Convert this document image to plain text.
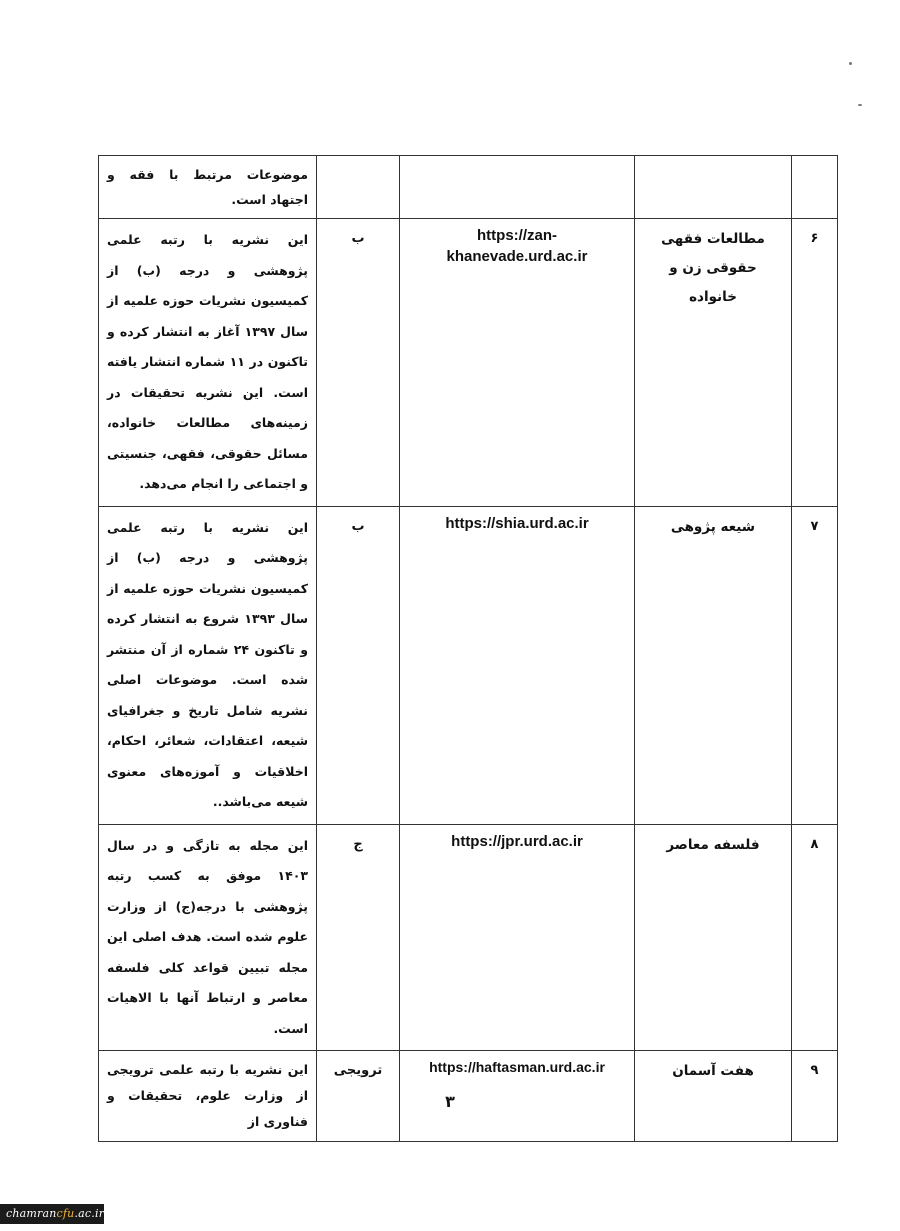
				موضوعات مرتبط با فقه و اجتهاد است.
۶	مطالعات فقهی حقوقی زن و خانواده	https://zan-khanevade.urd.ac.ir	ب	این نشریه با رتبه علمی پژوهشی و درجه (ب) از کمیسیون نشریات حوزه علمیه از سال ۱۳۹۷ آغاز به انتشار کرده و تاکنون در ۱۱ شماره انتشار یافته است. این نشریه تحقیقات در زمینه‌های مطالعات خانواده، مسائل حقوقی، فقهی، جنسیتی و اجتماعی را انجام می‌دهد.
۷	شیعه پژوهی	https://shia.urd.ac.ir	ب	این نشریه با رتبه علمی پژوهشی و درجه (ب) از کمیسیون نشریات حوزه علمیه از سال ۱۳۹۳ شروع به انتشار کرده و تاکنون ۲۴ شماره از آن منتشر شده است. موضوعات اصلی نشریه شامل تاریخ و جغرافیای شیعه، اعتقادات، شعائر، احکام، اخلاقیات و آموزه‌های معنوی شیعه می‌باشد..
۸	فلسفه معاصر	https://jpr.urd.ac.ir	ج	این مجله به تازگی و در سال ۱۴۰۳ موفق به کسب رتبه پژوهشی با درجه(ج) از وزارت علوم شده است. هدف اصلی این مجله تبیین قواعد کلی فلسفه معاصر و ارتباط آنها با الاهیات است.
۹	هفت آسمان	https://haftasman.urd.ac.ir	ترویجی	این نشریه با رتبه علمی ترویجی از وزارت علوم، تحقیقات و فناوری از
۳
chamrancfu.ac.ir
